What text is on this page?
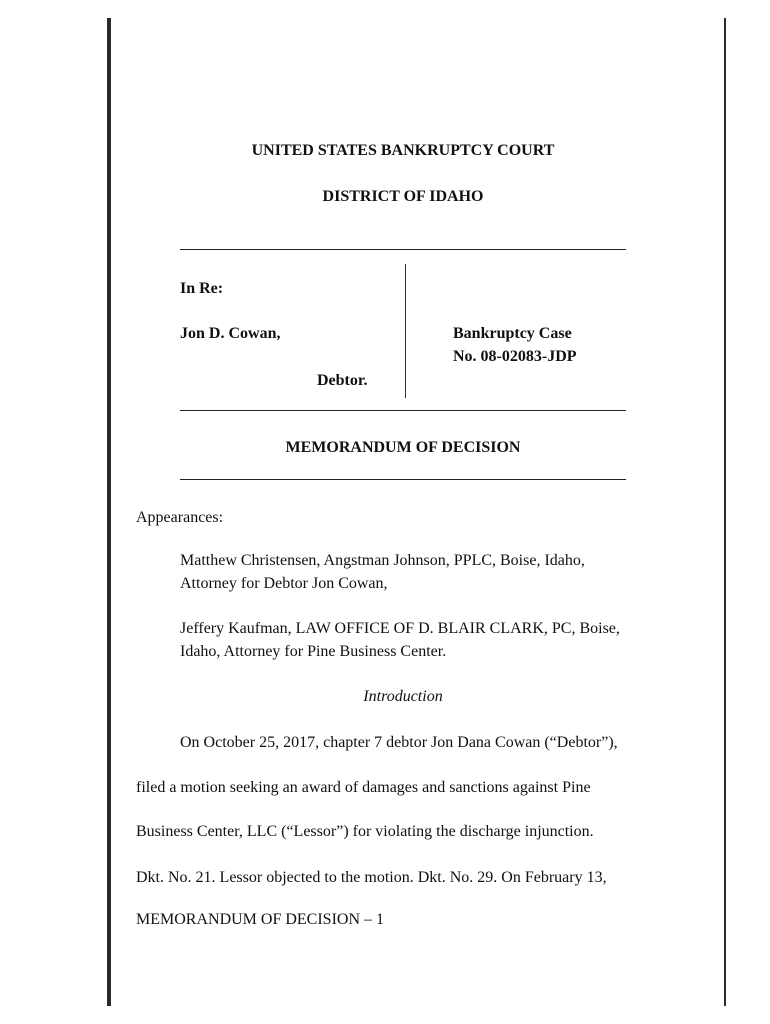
UNITED STATES BANKRUPTCY COURT
DISTRICT OF IDAHO
In Re:
Jon D. Cowan,
Debtor.
Bankruptcy Case
No. 08-02083-JDP
MEMORANDUM OF DECISION
Appearances:
Matthew Christensen, Angstman Johnson, PPLC, Boise, Idaho,
Attorney for Debtor Jon Cowan,
Jeffery Kaufman, LAW OFFICE OF D. BLAIR CLARK, PC, Boise,
Idaho, Attorney for Pine Business Center.
Introduction
On October 25, 2017, chapter 7 debtor Jon Dana Cowan (“Debtor”),
filed a motion seeking an award of damages and sanctions against Pine
Business Center, LLC (“Lessor”) for violating the discharge injunction.
Dkt. No. 21. Lessor objected to the motion. Dkt. No. 29. On February 13,
MEMORANDUM OF DECISION – 1
